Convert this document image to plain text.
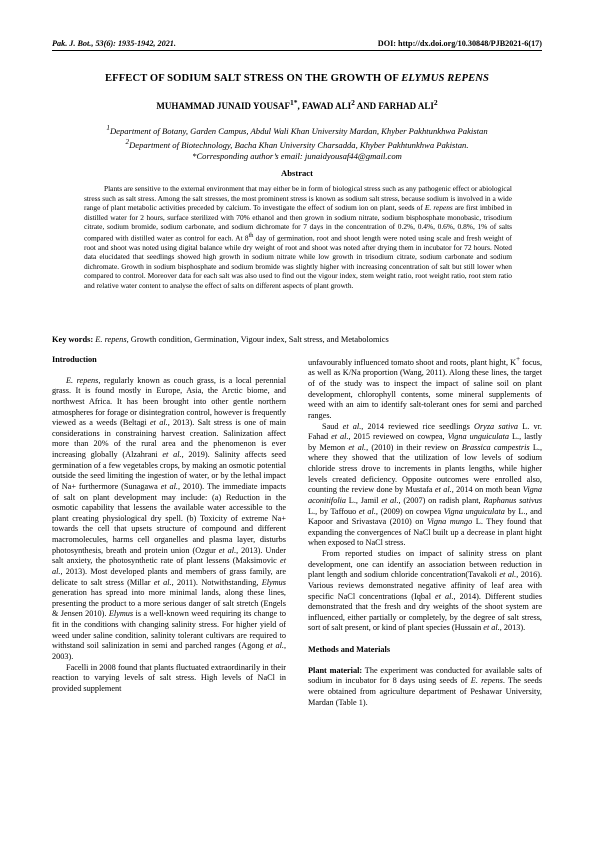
Pak. J. Bot., 53(6): 1935-1942, 2021.	DOI: http://dx.doi.org/10.30848/PJB2021-6(17)
EFFECT OF SODIUM SALT STRESS ON THE GROWTH OF ELYMUS REPENS
MUHAMMAD JUNAID $YOUSAF^{1*}$, FAWAD ALI$^2$ AND FARHAD ALI$^2$
$^1$Department of Botany, Garden Campus, Abdul Wali Khan University Mardan, Khyber Pakhtunkhwa Pakistan
$^2$Department of Biotechnology, Bacha Khan University Charsadda, Khyber Pakhtunkhwa Pakistan.
*Corresponding author’s email: junaidyousaf44@gmail.com
Abstract
Plants are sensitive to the external environment that may either be in form of biological stress such as any pathogenic effect or abiological stress such as salt stress. Among the salt stresses, the most prominent stress is known as sodium salt stress, because sodium is involved in a wide range of plant metabolic activities preceded by calcium. To investigate the effect of sodium ion on plant, seeds of E. repens are first imbibed in distilled water for 2 hours, surface sterilized with 70% ethanol and then grown in sodium nitrate, sodium bisphosphate monobasic, trisodium citrate, sodium bromide, sodium carbonate, and sodium dichromate for 7 days in the concentration of 0.2%, 0.4%, 0.6%, 0.8%, 1% of salts compared with distilled water as control for each. At 8th day of germination, root and shoot length were noted using scale and fresh weight of root and shoot was noted using digital balance while dry weight of root and shoot was noted after drying them in incubator for 72 hours. Noted data elucidated that seedlings showed high growth in sodium nitrate while low growth in trisodium citrate, sodium carbonate and sodium dichromate. Growth in sodium bisphosphate and sodium bromide was slightly higher with increasing concentration of salt but still lower when compared to control. Moreover data for each salt was also used to find out the vigour index, stem weight ratio, root weight ratio, root stem ratio and relative water content to analyse the effect of salts on different aspects of plant growth.
Key words: E. repens, Growth condition, Germination, Vigour index, Salt stress, and Metabolomics

Introduction

E. repens, regularly known as couch grass, is a local perennial grass. It is found mostly in Europe, Asia, the Arctic biome, and northwest Africa. It has been brought into other gentle northern atmospheres for forage or disintegration control, however is frequently viewed as a weeds (Beltagi et al., 2013). Salt stress is one of main considerations in constraining harvest creation. Salinization affect more than 20% of the rural area and the phenomenon is ever increasing globally (Alzahrani et al., 2019). Salinity affects seed germination of a few vegetables crops, by making an osmotic potential outside the seed limiting the ingestion of water, or by the lethal impact of Na+ furthermore (Sunagawa et al., 2010). The immediate impacts of salt on plant development may include: (a) Reduction in the osmotic capability that lessens the available water accessible to the plant creating physiological dry spell. (b) Toxicity of extreme Na+ towards the cell that upsets structure of compound and different macromolecules, harms cell organelles and plasma layer, disturbs photosynthesis, breath and protein union (Ozgur et al., 2013). Under salt anxiety, the photosynthetic rate of plant lessens (Maksimovic et al., 2013). Most developed plants and members of grass family, are delicate to salt stress (Millar et al., 2011). Notwithstanding, Elymus generation has spread into more minimal lands, along these lines, presenting the product to a more serious danger of salt stretch (Engels & Jensen 2010). Elymus is a well-known weed requiring its change to fit in the conditions with changing salinity stress. For higher yield of weed under saline condition, salinity tolerant cultivars are required to withstand soil salinization in semi and parched ranges (Agong et al., 2003).

Facelli in 2008 found that plants fluctuated extraordinarily in their reaction to varying levels of salt stress. High levels of NaCl in provided supplement

unfavourably influenced tomato shoot and roots, plant hight, K+ focus, as well as K/Na proportion (Wang, 2011). Along these lines, the target of of the study was to inspect the impact of saline soil on plant development, chlorophyll contents, some mineral supplements of weed with an aim to identify salt-tolerant ones for semi and parched ranges.

Saud et al., 2014 reviewed rice seedlings Oryza sativa L. vr. Fahad et al., 2015 reviewed on cowpea, Vigna unguiculata L., lastly by Memon et al., (2010) in their review on Brassica campestris L., where they showed that the utilization of low levels of sodium chloride stress drove to increments in plants lengths, while higher levels created deficiency. Opposite outcomes were enrolled also, counting the review done by Mustafa et al., 2014 on moth bean Vigna aconitifolia L., Jamil et al., (2007) on radish plant, Raphanus sativus L., by Taffouo et al., (2009) on cowpea Vigna unguiculata by L., and Kapoor and Srivastava (2010) on Vigna mungo L. They found that expanding the convergences of NaCl built up a decrease in plant hight when exposed to NaCl stress.

From reported studies on impact of salinity stress on plant development, one can identify an association between reduction in plant length and sodium chloride concentration(Tavakoli et al., 2016). Various reviews demonstrated negative affinity of leaf area with specific NaCl concentrations (Iqbal et al., 2014). Different studies demonstrated that the fresh and dry weights of the shoot system are influenced, either partially or completely, by the degree of salt stress, sort of salt present, or kind of plant species (Hussain et al., 2013).

Methods and Materials

Plant material: The experiment was conducted for available salts of sodium in incubator for 8 days using seeds of E. repens. The seeds were obtained from agriculture department of Peshawar University, Mardan (Table 1).
